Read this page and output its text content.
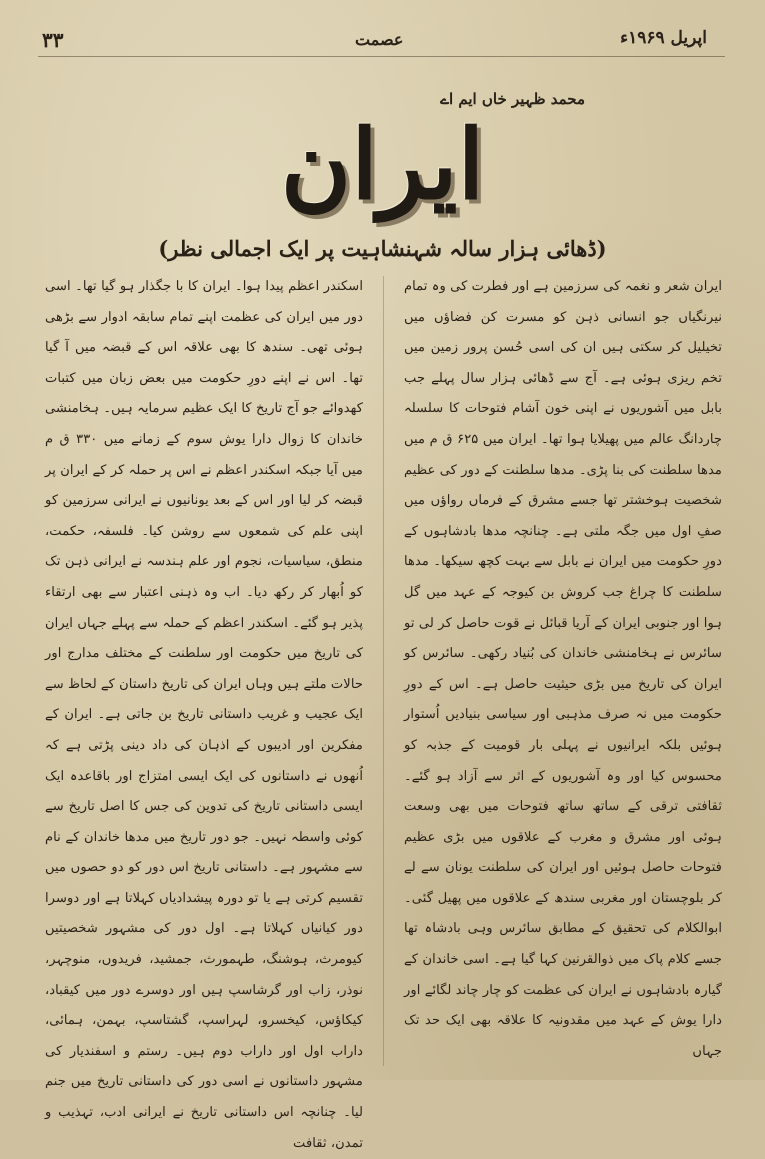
۳۳	عصمت	اپریل ۱۹۶۹ء
محمد ظہیر خاں ایم اے
ایران
(ڈھائی ہزار سالہ شہنشاہیت پر ایک اجمالی نظر)

ایران شعر و نغمہ کی سرزمین ہے اور فطرت کی وہ تمام نیرنگیاں جو انسانی ذہن کو مسرت کن فضاؤں میں تخیلیل کر سکتی ہیں ان کی اسی حُسن پرور زمین میں تخم ریزی ہوئی ہے۔ آج سے ڈھائی ہزار سال پہلے جب بابل میں آشوریوں نے اپنی خون آشام فتوحات کا سلسلہ چاردانگ عالم میں پھیلایا ہوا تھا۔ ایران میں ۶۲۵ ق م میں مدھا سلطنت کی بنا پڑی۔ مدھا سلطنت کے دور کی عظیم شخصیت ہوخشتر تھا جسے مشرق کے فرماں رواؤں میں صفِ اول میں جگہ ملتی ہے۔ چنانچہ مدھا بادشاہوں کے دورِ حکومت میں ایران نے بابل سے بہت کچھ سیکھا۔ مدھا سلطنت کا چراغ جب کروش بن کیوجہ کے عہد میں گل ہوا اور جنوبی ایران کے آریا قبائل نے قوت حاصل کر لی تو سائرس نے ہخامنشی خاندان کی بُنیاد رکھی۔ سائرس کو ایران کی تاریخ میں بڑی حیثیت حاصل ہے۔ اس کے دورِ حکومت میں نہ صرف مذہبی اور سیاسی بنیادیں اُستوار ہوئیں بلکہ ایرانیوں نے پہلی بار قومیت کے جذبہ کو محسوس کیا اور وہ آشوریوں کے اثر سے آزاد ہو گئے۔ ثقافتی ترقی کے ساتھ ساتھ فتوحات میں بھی وسعت ہوئی اور مشرق و مغرب کے علاقوں میں بڑی عظیم فتوحات حاصل ہوئیں اور ایران کی سلطنت یونان سے لے کر بلوچستان اور مغربی سندھ کے علاقوں میں پھیل گئی۔ ابوالکلام کی تحقیق کے مطابق سائرس وہی بادشاہ تھا جسے کلام پاک میں ذوالقرنین کہا گیا ہے۔ اسی خاندان کے گیارہ بادشاہوں نے ایران کی عظمت کو چار چاند لگائے اور دارا یوش کے عہد میں مقدونیہ کا علاقہ بھی ایک حد تک جہاں

اسکندر اعظم پیدا ہوا۔ ایران کا با جگذار ہو گیا تھا۔ اسی دور میں ایران کی عظمت اپنے تمام سابقہ ادوار سے بڑھی ہوئی تھی۔ سندھ کا بھی علاقہ اس کے قبضہ میں آ گیا تھا۔ اس نے اپنے دورِ حکومت میں بعض زبان میں کتبات کھدوائے جو آج تاریخ کا ایک عظیم سرمایہ ہیں۔ ہخامنشی خاندان کا زوال دارا یوش سوم کے زمانے میں ۳۳۰ ق م میں آیا جبکہ اسکندر اعظم نے اس پر حملہ کر کے ایران پر قبضہ کر لیا اور اس کے بعد یونانیوں نے ایرانی سرزمین کو اپنی علم کی شمعوں سے روشن کیا۔ فلسفہ، حکمت، منطق، سیاسیات، نجوم اور علم ہندسہ نے ایرانی ذہن تک کو اُبھار کر رکھ دیا۔ اب وہ ذہنی اعتبار سے بھی ارتقاء پذیر ہو گئے۔ اسکندر اعظم کے حملہ سے پہلے جہاں ایران کی تاریخ میں حکومت اور سلطنت کے مختلف مدارج اور حالات ملتے ہیں وہاں ایران کی تاریخ داستان کے لحاظ سے ایک عجیب و غریب داستانی تاریخ بن جاتی ہے۔ ایران کے مفکرین اور ادیبوں کے اذہان کی داد دینی پڑتی ہے کہ اُنھوں نے داستانوں کی ایک ایسی امتزاج اور باقاعدہ ایک ایسی داستانی تاریخ کی تدوین کی جس کا اصل تاریخ سے کوئی واسطہ نہیں۔ جو دور تاریخ میں مدھا خاندان کے نام سے مشہور ہے۔ داستانی تاریخ اس دور کو دو حصوں میں تقسیم کرتی ہے یا تو دورہ پیشدادیاں کہلاتا ہے اور دوسرا دور کیانیاں کہلاتا ہے۔ اول دور کی مشہور شخصیتیں کیومرث، ہوشنگ، طہمورث، جمشید، فریدوں، منوچہر، نوذر، زاب اور گرشاسپ ہیں اور دوسرے دور میں کیقباد، کیکاؤس، کیخسرو، لہراسپ، گشتاسپ، بہمن، ہمائی، داراب اول اور داراب دوم ہیں۔ رستم و اسفندیار کی مشہور داستانوں نے اسی دور کی داستانی تاریخ میں جنم لیا۔ چنانچہ اس داستانی تاریخ نے ایرانی ادب، تہذیب و تمدن، ثقافت
